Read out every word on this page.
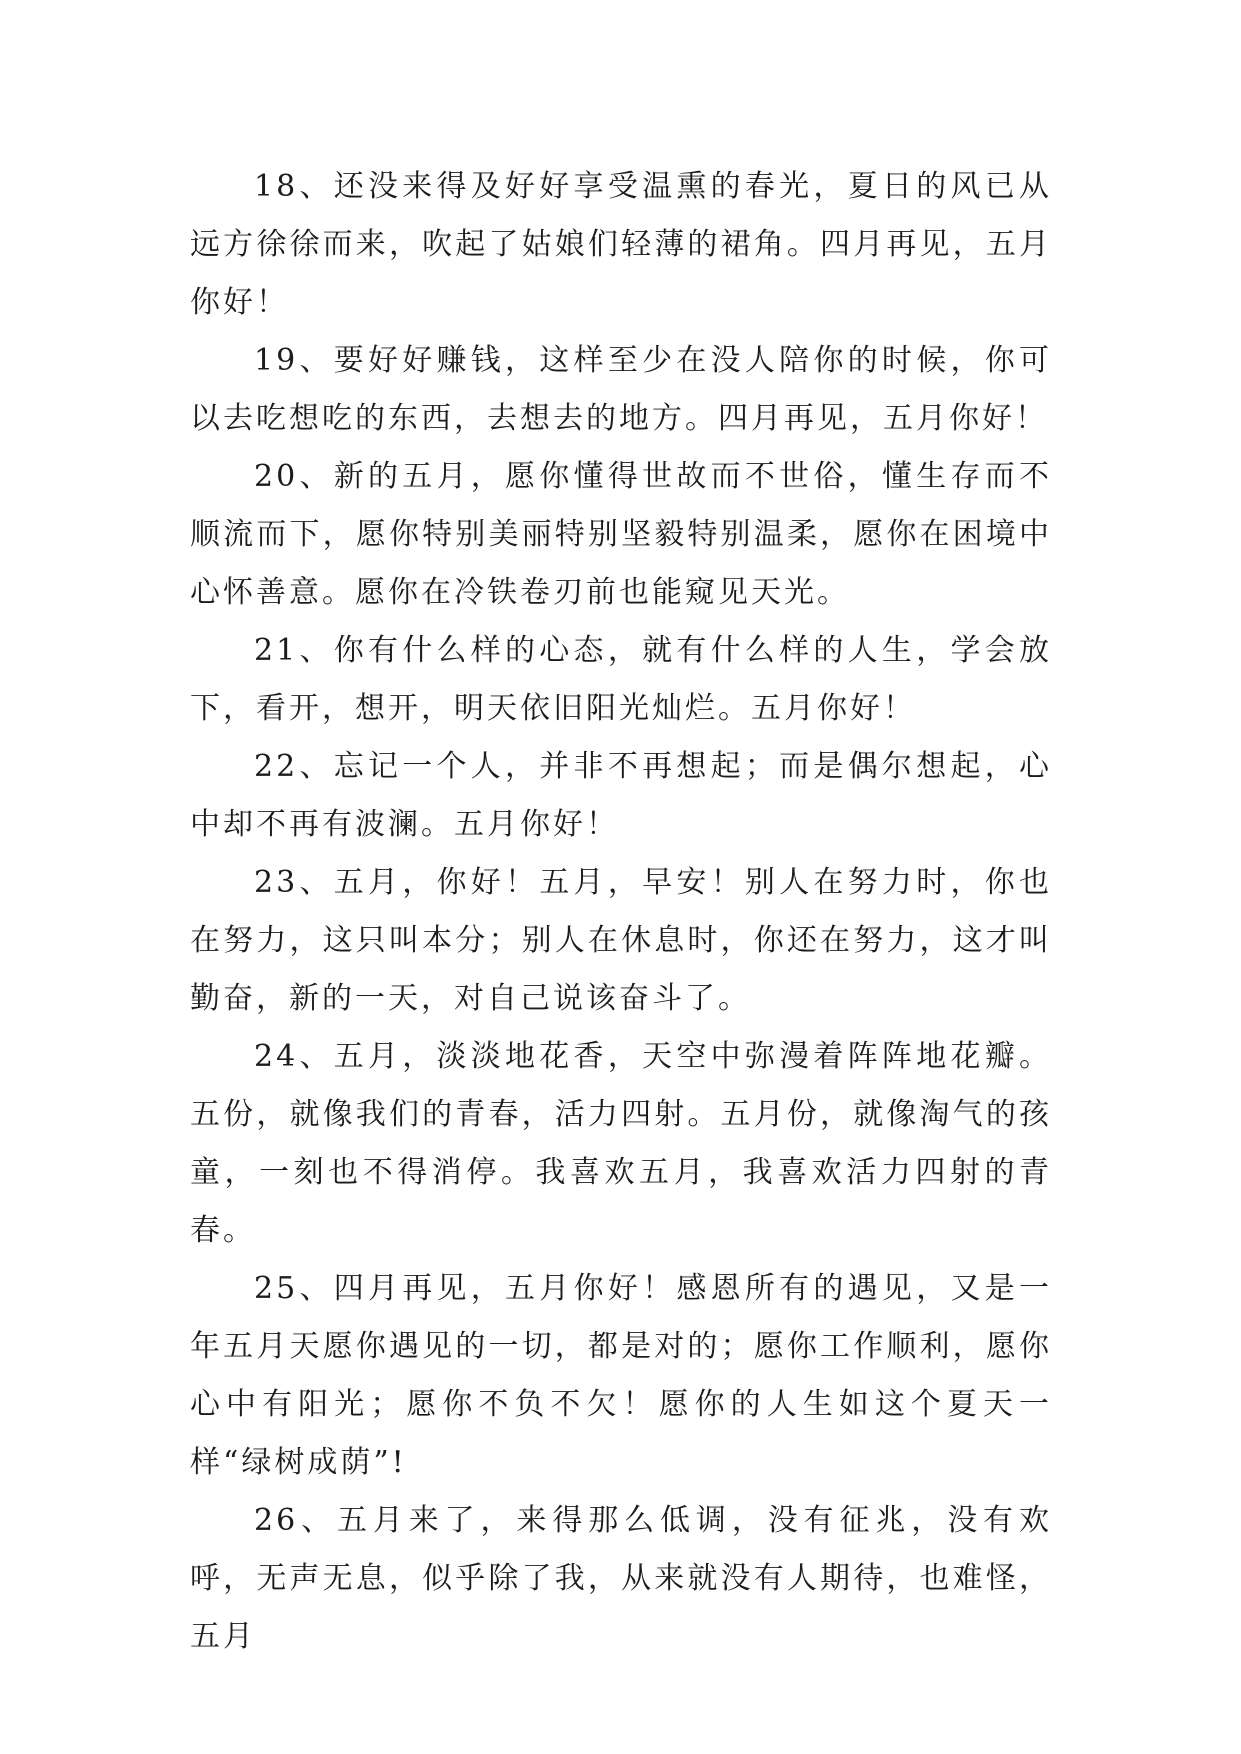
18、还没来得及好好享受温熏的春光，夏日的风已从远方徐徐而来，吹起了姑娘们轻薄的裙角。四月再见，五月你好！

19、要好好赚钱，这样至少在没人陪你的时候，你可以去吃想吃的东西，去想去的地方。四月再见，五月你好！

20、新的五月，愿你懂得世故而不世俗，懂生存而不顺流而下，愿你特别美丽特别坚毅特别温柔，愿你在困境中心怀善意。愿你在冷铁卷刃前也能窥见天光。

21、你有什么样的心态，就有什么样的人生，学会放下，看开，想开，明天依旧阳光灿烂。五月你好！

22、忘记一个人，并非不再想起；而是偶尔想起，心中却不再有波澜。五月你好！

23、五月，你好！五月，早安！别人在努力时，你也在努力，这只叫本分；别人在休息时，你还在努力，这才叫勤奋，新的一天，对自己说该奋斗了。

24、五月，淡淡地花香，天空中弥漫着阵阵地花瓣。五份，就像我们的青春，活力四射。五月份，就像淘气的孩童，一刻也不得消停。我喜欢五月，我喜欢活力四射的青春。

25、四月再见，五月你好！感恩所有的遇见，又是一年五月天愿你遇见的一切，都是对的；愿你工作顺利，愿你心中有阳光；愿你不负不欠！愿你的人生如这个夏天一样“绿树成荫”!

26、五月来了，来得那么低调，没有征兆，没有欢呼，无声无息，似乎除了我，从来就没有人期待，也难怪，五月
